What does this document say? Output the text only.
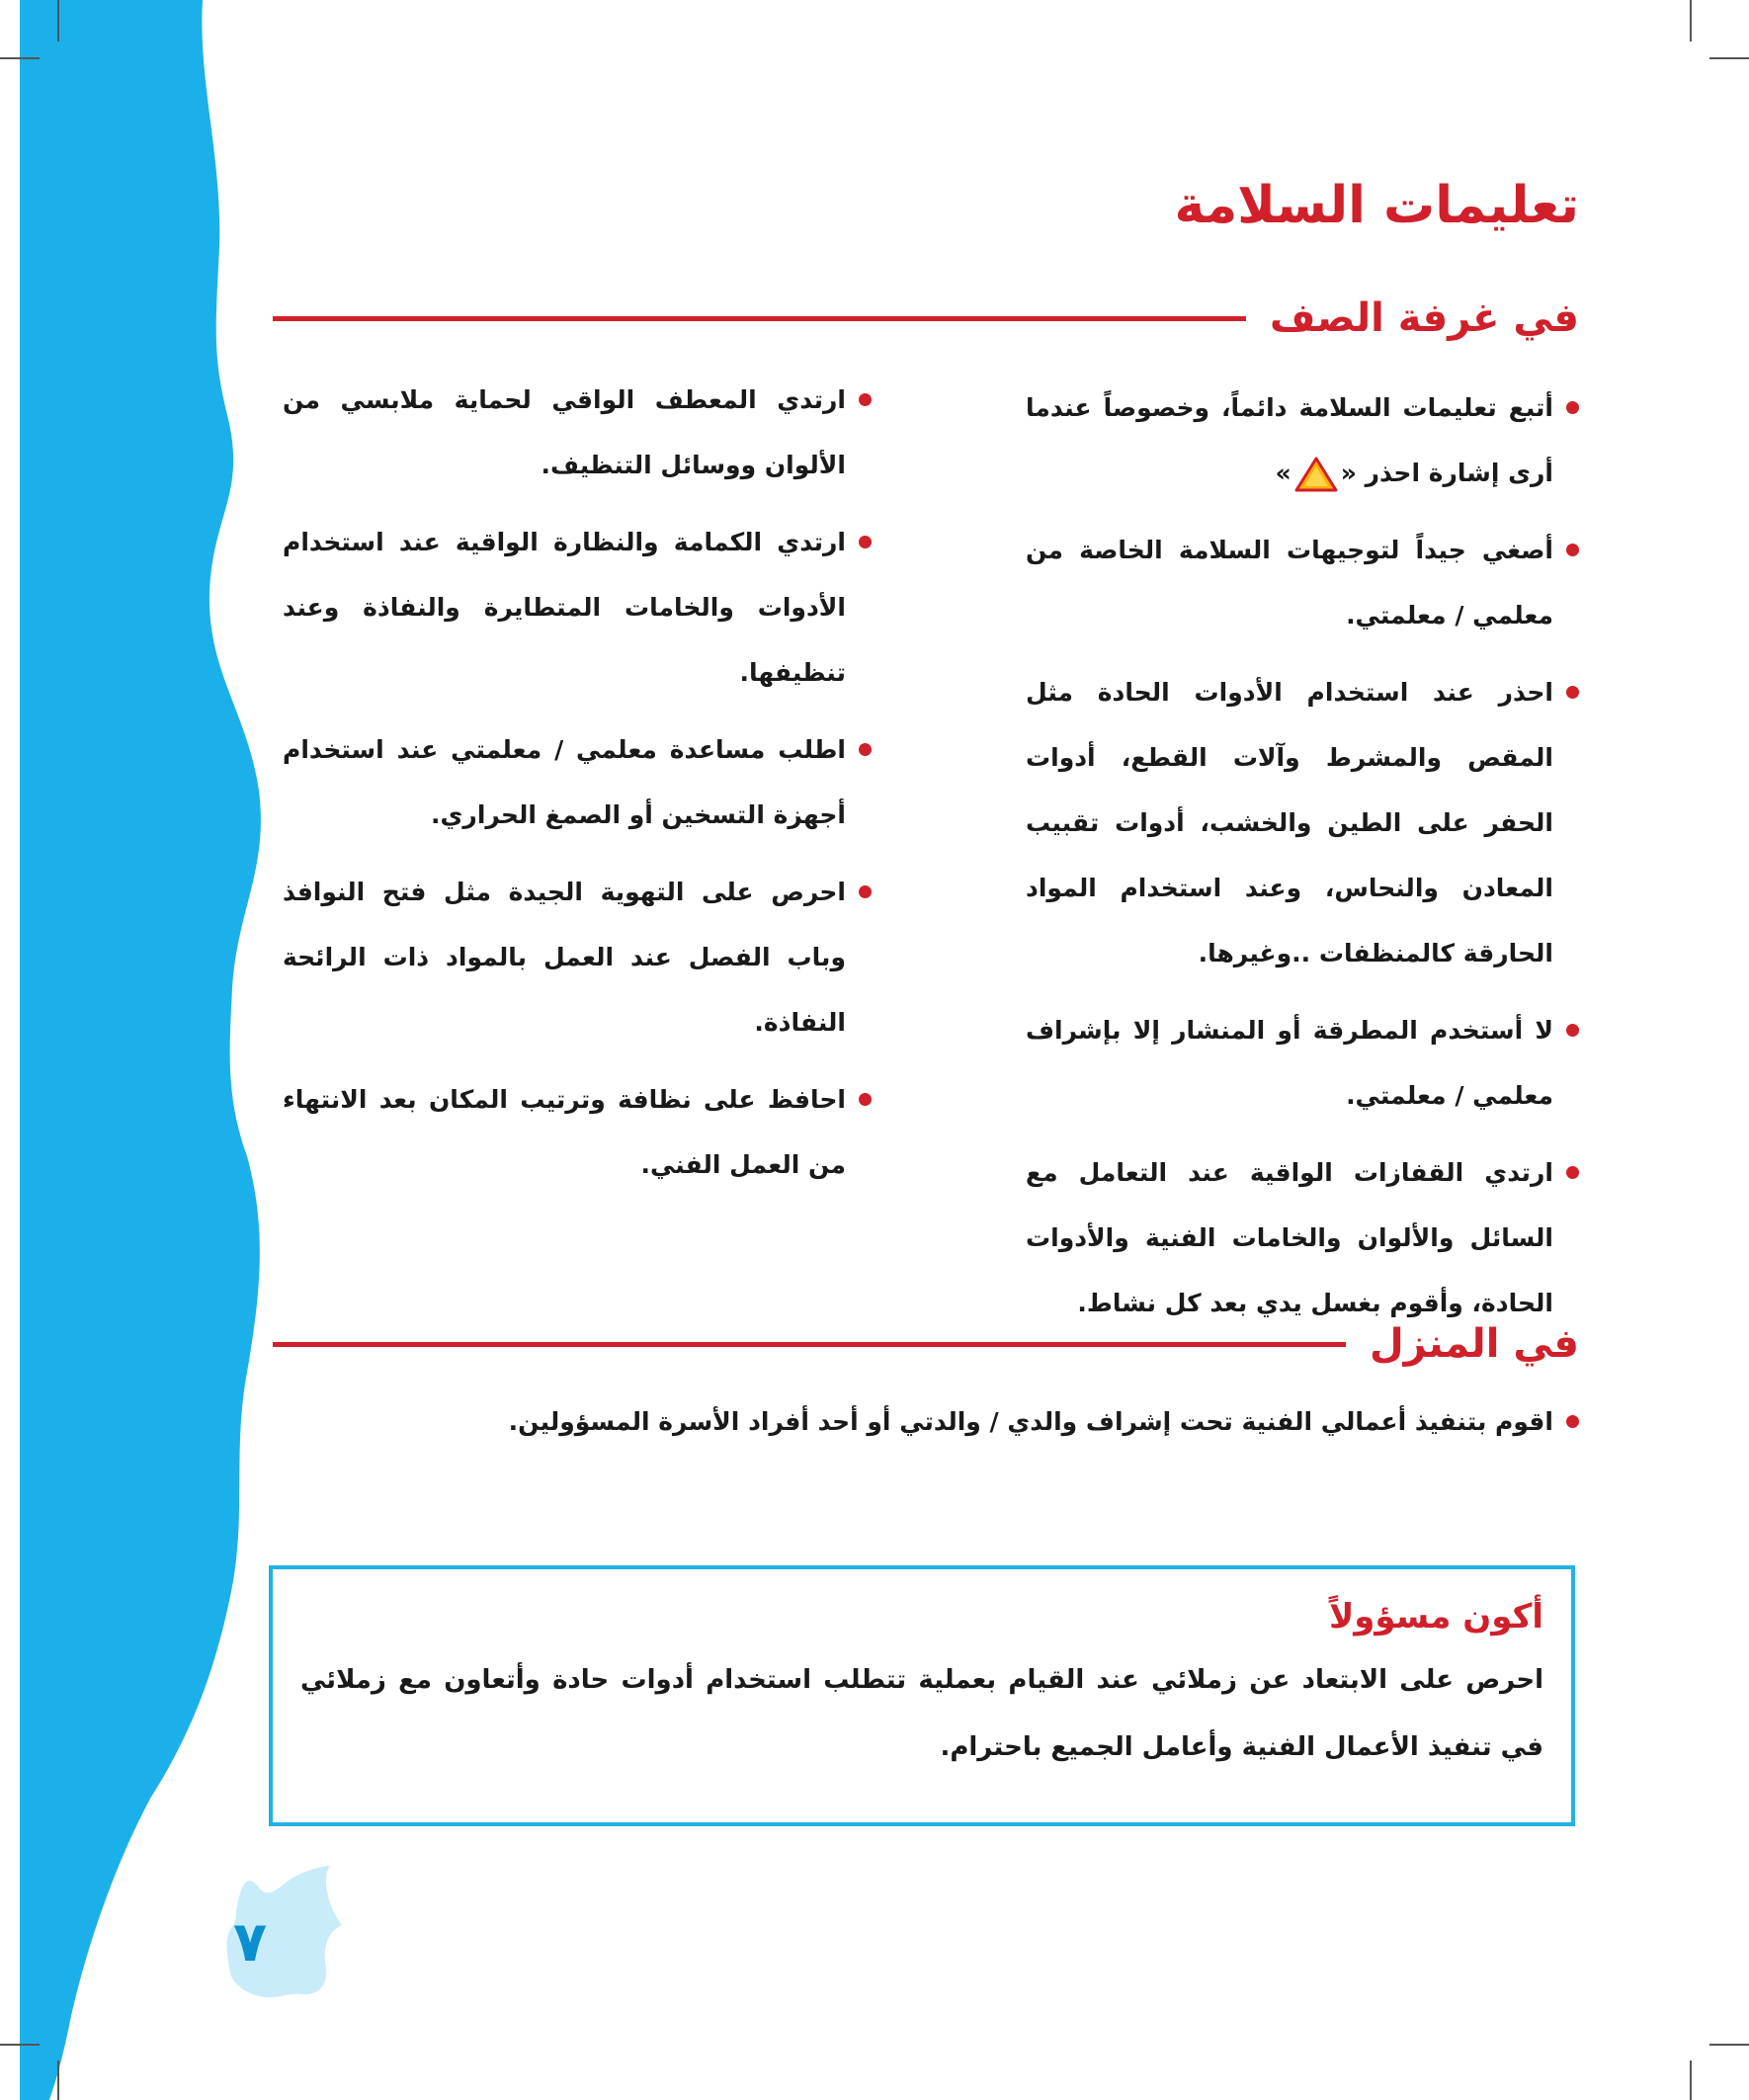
تعليمات السلامة
في غرفة الصف
أتبع تعليمات السلامة دائماً، وخصوصاً عندما أرى إشارة احذر «»
أصغي جيداً لتوجيهات السلامة الخاصة من معلمي / معلمتي.
احذر عند استخدام الأدوات الحادة مثل المقص والمشرط وآلات القطع، أدوات الحفر على الطين والخشب، أدوات تقبيب المعادن والنحاس، وعند استخدام المواد الحارقة كالمنظفات ..وغيرها.
لا أستخدم المطرقة أو المنشار إلا بإشراف معلمي / معلمتي.
ارتدي القفازات الواقية عند التعامل مع السائل والألوان والخامات الفنية والأدوات الحادة، وأقوم بغسل يدي بعد كل نشاط.
ارتدي المعطف الواقي لحماية ملابسي من الألوان ووسائل التنظيف.
ارتدي الكمامة والنظارة الواقية عند استخدام الأدوات والخامات المتطايرة والنفاذة وعند تنظيفها.
اطلب مساعدة معلمي / معلمتي عند استخدام أجهزة التسخين أو الصمغ الحراري.
احرص على التهوية الجيدة مثل فتح النوافذ وباب الفصل عند العمل بالمواد ذات الرائحة النفاذة.
احافظ على نظافة وترتيب المكان بعد الانتهاء من العمل الفني.
في المنزل
اقوم بتنفيذ أعمالي الفنية تحت إشراف والدي / والدتي أو أحد أفراد الأسرة المسؤولين.

أكون مسؤولاً

احرص على الابتعاد عن زملائي عند القيام بعملية تتطلب استخدام أدوات حادة وأتعاون مع زملائي في تنفيذ الأعمال الفنية وأعامل الجميع باحترام.

٧
